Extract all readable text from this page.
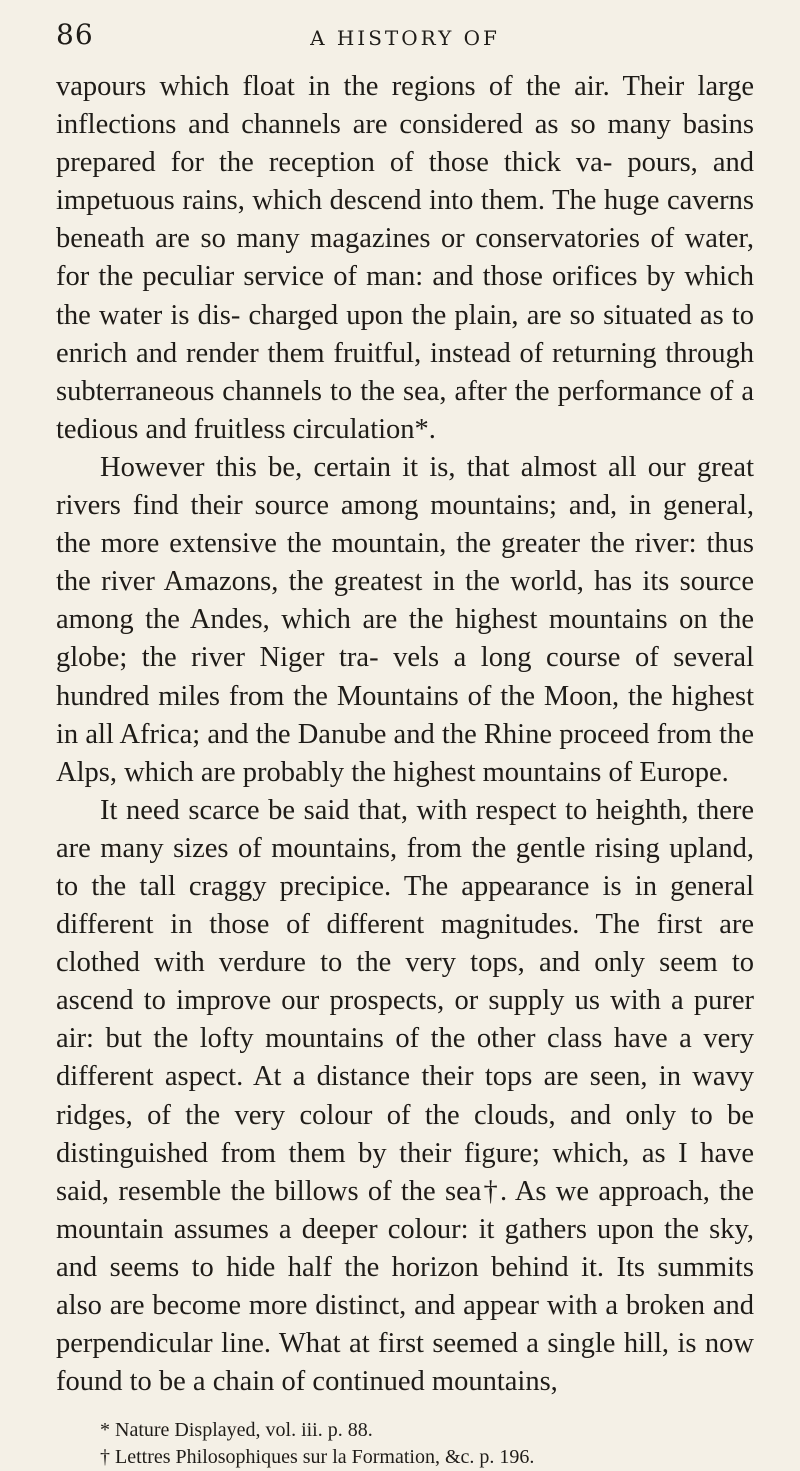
86	A HISTORY OF

vapours which float in the regions of the air. Their large inflections and channels are considered as so many basins prepared for the reception of those thick va- pours, and impetuous rains, which descend into them. The huge caverns beneath are so many magazines or conservatories of water, for the peculiar service of man: and those orifices by which the water is dis- charged upon the plain, are so situated as to enrich and render them fruitful, instead of returning through subterraneous channels to the sea, after the performance of a tedious and fruitless circulation*.

However this be, certain it is, that almost all our great rivers find their source among mountains; and, in general, the more extensive the mountain, the greater the river: thus the river Amazons, the greatest in the world, has its source among the Andes, which are the highest mountains on the globe; the river Niger tra- vels a long course of several hundred miles from the Mountains of the Moon, the highest in all Africa; and the Danube and the Rhine proceed from the Alps, which are probably the highest mountains of Europe.

It need scarce be said that, with respect to heighth, there are many sizes of mountains, from the gentle rising upland, to the tall craggy precipice. The appearance is in general different in those of different magnitudes. The first are clothed with verdure to the very tops, and only seem to ascend to improve our prospects, or supply us with a purer air: but the lofty mountains of the other class have a very different aspect. At a distance their tops are seen, in wavy ridges, of the very colour of the clouds, and only to be distinguished from them by their figure; which, as I have said, resemble the billows of the sea†. As we approach, the mountain assumes a deeper colour: it gathers upon the sky, and seems to hide half the horizon behind it. Its summits also are become more distinct, and appear with a broken and perpendicular line. What at first seemed a single hill, is now found to be a chain of continued mountains,

* Nature Displayed, vol. iii. p. 88.

† Lettres Philosophiques sur la Formation, &c. p. 196.
